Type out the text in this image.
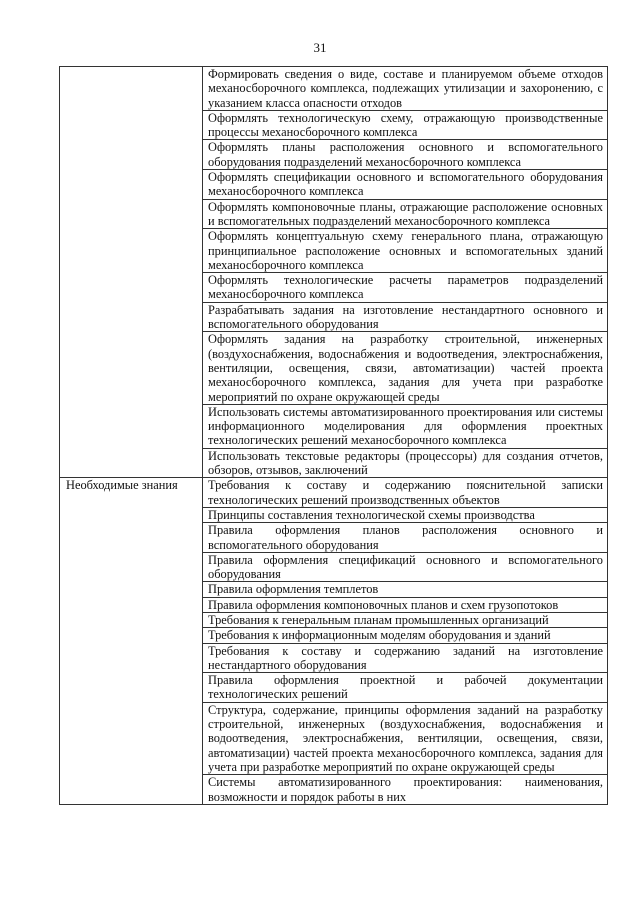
31
	Формировать сведения о виде, составе и планируемом объеме отходов механосборочного комплекса, подлежащих утилизации и захоронению, с указанием класса опасности отходов
	Оформлять технологическую схему, отражающую производственные процессы механосборочного комплекса
	Оформлять планы расположения основного и вспомогательного оборудования подразделений механосборочного комплекса
	Оформлять спецификации основного и вспомогательного оборудования механосборочного комплекса
	Оформлять компоновочные планы, отражающие расположение основных и вспомогательных подразделений механосборочного комплекса
	Оформлять концептуальную схему генерального плана, отражающую принципиальное расположение основных и вспомогательных зданий механосборочного комплекса
	Оформлять технологические расчеты параметров подразделений механосборочного комплекса
	Разрабатывать задания на изготовление нестандартного основного и вспомогательного оборудования
	Оформлять задания на разработку строительной, инженерных (воздухоснабжения, водоснабжения и водоотведения, электроснабжения, вентиляции, освещения, связи, автоматизации) частей проекта механосборочного комплекса, задания для учета при разработке мероприятий по охране окружающей среды
	Использовать системы автоматизированного проектирования или системы информационного моделирования для оформления проектных технологических решений механосборочного комплекса
	Использовать текстовые редакторы (процессоры) для создания отчетов, обзоров, отзывов, заключений
Необходимые знания	Требования к составу и содержанию пояснительной записки технологических решений производственных объектов
	Принципы составления технологической схемы производства
	Правила оформления планов расположения основного и вспомогательного оборудования
	Правила оформления спецификаций основного и вспомогательного оборудования
	Правила оформления темплетов
	Правила оформления компоновочных планов и схем грузопотоков
	Требования к генеральным планам промышленных организаций
	Требования к информационным моделям оборудования и зданий
	Требования к составу и содержанию заданий на изготовление нестандартного оборудования
	Правила оформления проектной и рабочей документации технологических решений
	Структура, содержание, принципы оформления заданий на разработку строительной, инженерных (воздухоснабжения, водоснабжения и водоотведения, электроснабжения, вентиляции, освещения, связи, автоматизации) частей проекта механосборочного комплекса, задания для учета при разработке мероприятий по охране окружающей среды
	Системы автоматизированного проектирования: наименования, возможности и порядок работы в них
